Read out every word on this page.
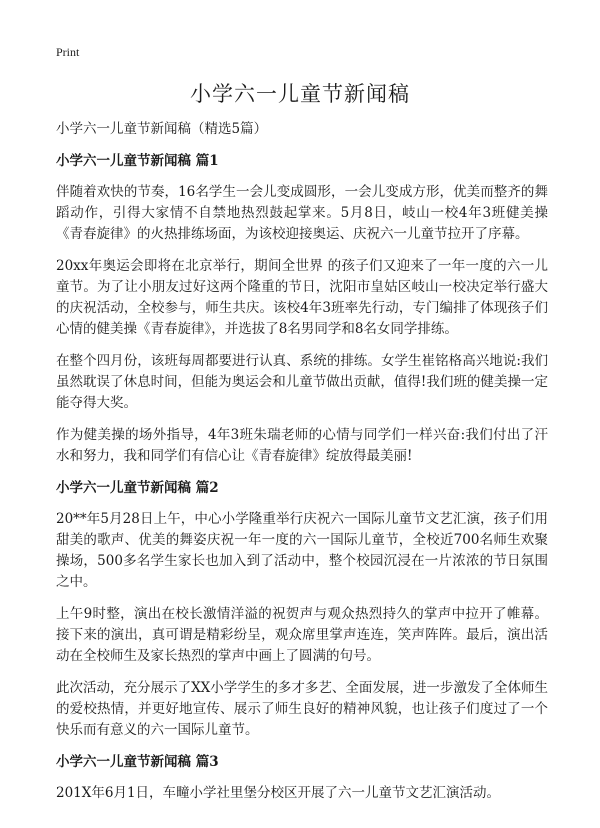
Print
小学六一儿童节新闻稿

小学六一儿童节新闻稿（精选5篇）

小学六一儿童节新闻稿 篇1

伴随着欢快的节奏，16名学生一会儿变成圆形，一会儿变成方形，优美而整齐的舞蹈动作，引得大家情不自禁地热烈鼓起掌来。5月8日，岐山一校4年3班健美操《青春旋律》的火热排练场面，为该校迎接奥运、庆祝六一儿童节拉开了序幕。

20xx年奥运会即将在北京举行，期间全世界 的孩子们又迎来了一年一度的六一儿童节。为了让小朋友过好这两个隆重的节日，沈阳市皇姑区岐山一校决定举行盛大的庆祝活动，全校参与，师生共庆。该校4年3班率先行动，专门编排了体现孩子们心情的健美操《青春旋律》，并选拔了8名男同学和8名女同学排练。

在整个四月份，该班每周都要进行认真、系统的排练。女学生崔铭格高兴地说:我们虽然耽误了休息时间，但能为奥运会和儿童节做出贡献，值得!我们班的健美操一定能夺得大奖。

作为健美操的场外指导，4年3班朱瑞老师的心情与同学们一样兴奋:我们付出了汗水和努力，我和同学们有信心让《青春旋律》绽放得最美丽!

小学六一儿童节新闻稿 篇2

20**年5月28日上午，中心小学隆重举行庆祝六一国际儿童节文艺汇演，孩子们用甜美的歌声、优美的舞姿庆祝一年一度的六一国际儿童节，全校近700名师生欢聚操场，500多名学生家长也加入到了活动中，整个校园沉浸在一片浓浓的节日氛围之中。

上午9时整，演出在校长激情洋溢的祝贺声与观众热烈持久的掌声中拉开了帷幕。接下来的演出，真可谓是精彩纷呈，观众席里掌声连连，笑声阵阵。最后，演出活动在全校师生及家长热烈的掌声中画上了圆满的句号。

此次活动，充分展示了XX小学学生的多才多艺、全面发展，进一步激发了全体师生的爱校热情，并更好地宣传、展示了师生良好的精神风貌，也让孩子们度过了一个快乐而有意义的六一国际儿童节。

小学六一儿童节新闻稿 篇3

201X年6月1日，车疃小学社里堡分校区开展了六一儿童节文艺汇演活动。
